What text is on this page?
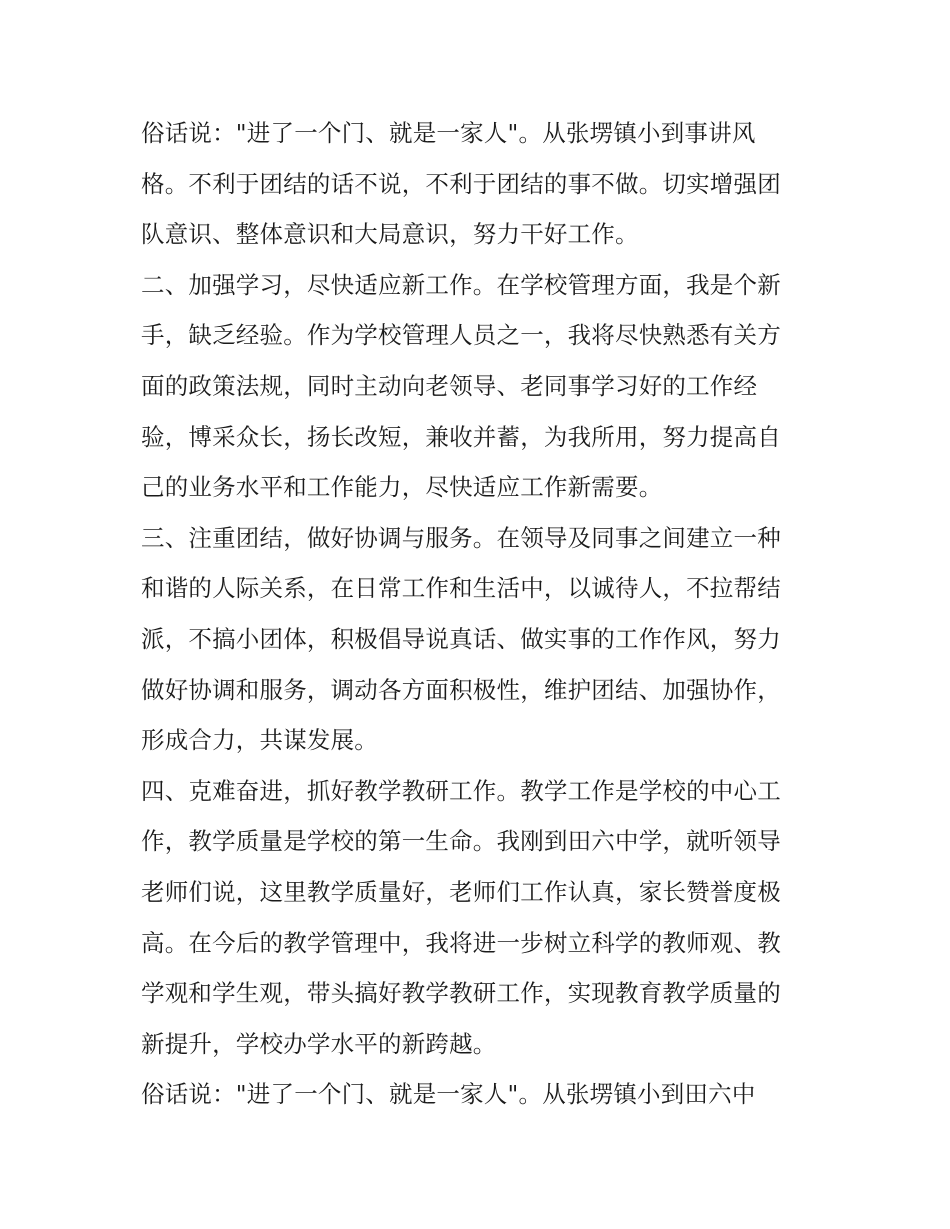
俗话说："进了一个门、就是一家人"。从张塄镇小到事讲风
格。不利于团结的话不说，不利于团结的事不做。切实增强团
队意识、整体意识和大局意识，努力干好工作。
二、加强学习，尽快适应新工作。在学校管理方面，我是个新
手，缺乏经验。作为学校管理人员之一，我将尽快熟悉有关方
面的政策法规，同时主动向老领导、老同事学习好的工作经
验，博采众长，扬长改短，兼收并蓄，为我所用，努力提高自
己的业务水平和工作能力，尽快适应工作新需要。
三、注重团结，做好协调与服务。在领导及同事之间建立一种
和谐的人际关系，在日常工作和生活中，以诚待人，不拉帮结
派，不搞小团体，积极倡导说真话、做实事的工作作风，努力
做好协调和服务，调动各方面积极性，维护团结、加强协作，
形成合力，共谋发展。
四、克难奋进，抓好教学教研工作。教学工作是学校的中心工
作，教学质量是学校的第一生命。我刚到田六中学，就听领导
老师们说，这里教学质量好，老师们工作认真，家长赞誉度极
高。在今后的教学管理中，我将进一步树立科学的教师观、教
学观和学生观，带头搞好教学教研工作，实现教育教学质量的
新提升，学校办学水平的新跨越。
俗话说："进了一个门、就是一家人"。从张塄镇小到田六中
